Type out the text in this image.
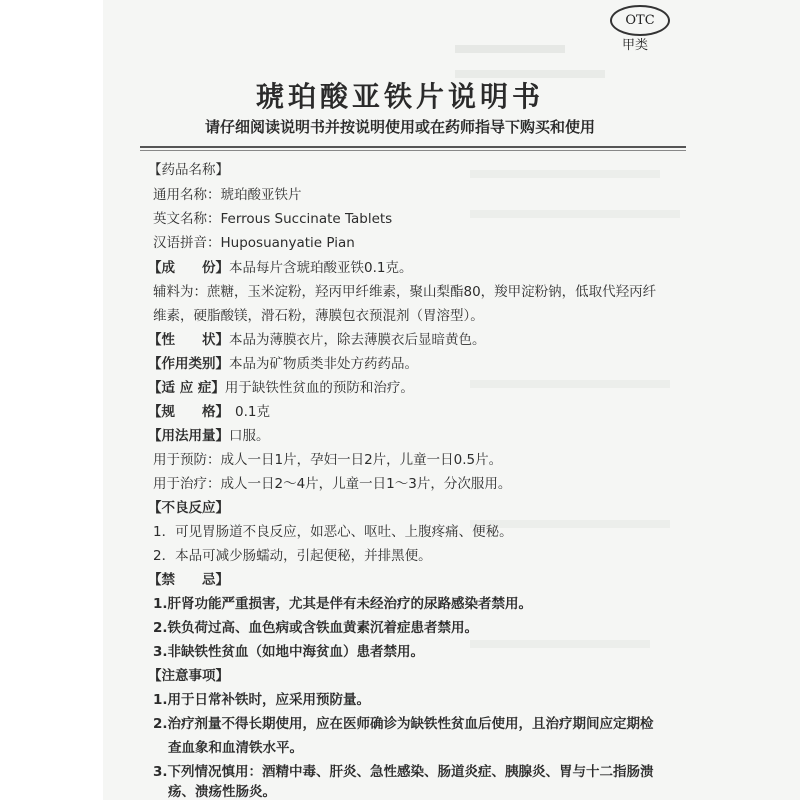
OTC
甲类
琥珀酸亚铁片说明书
请仔细阅读说明书并按说明使用或在药师指导下购买和使用
【药品名称】
通用名称：琥珀酸亚铁片
英文名称：Ferrous Succinate Tablets
汉语拼音：Huposuanyatie Pian
【成　　份】本品每片含琥珀酸亚铁0.1克。
辅料为：蔗糖，玉米淀粉，羟丙甲纤维素，聚山梨酯80，羧甲淀粉钠，低取代羟丙纤
维素，硬脂酸镁，滑石粉，薄膜包衣预混剂（胃溶型）。
【性　　状】本品为薄膜衣片，除去薄膜衣后显暗黄色。
【作用类别】本品为矿物质类非处方药药品。
【适 应 症】用于缺铁性贫血的预防和治疗。
【规　　格】 0.1克
【用法用量】口服。
用于预防：成人一日1片，孕妇一日2片，儿童一日0.5片。
用于治疗：成人一日2～4片，儿童一日1～3片，分次服用。
【不良反应】
1．可见胃肠道不良反应，如恶心、呕吐、上腹疼痛、便秘。
2．本品可减少肠蠕动，引起便秘，并排黑便。
【禁　　忌】
1.肝肾功能严重损害，尤其是伴有未经治疗的尿路感染者禁用。
2.铁负荷过高、血色病或含铁血黄素沉着症患者禁用。
3.非缺铁性贫血（如地中海贫血）患者禁用。
【注意事项】
1.用于日常补铁时，应采用预防量。
2.治疗剂量不得长期使用，应在医师确诊为缺铁性贫血后使用，且治疗期间应定期检
查血象和血清铁水平。
3.下列情况慎用：酒精中毒、肝炎、急性感染、肠道炎症、胰腺炎、胃与十二指肠溃
疡、溃疡性肠炎。
